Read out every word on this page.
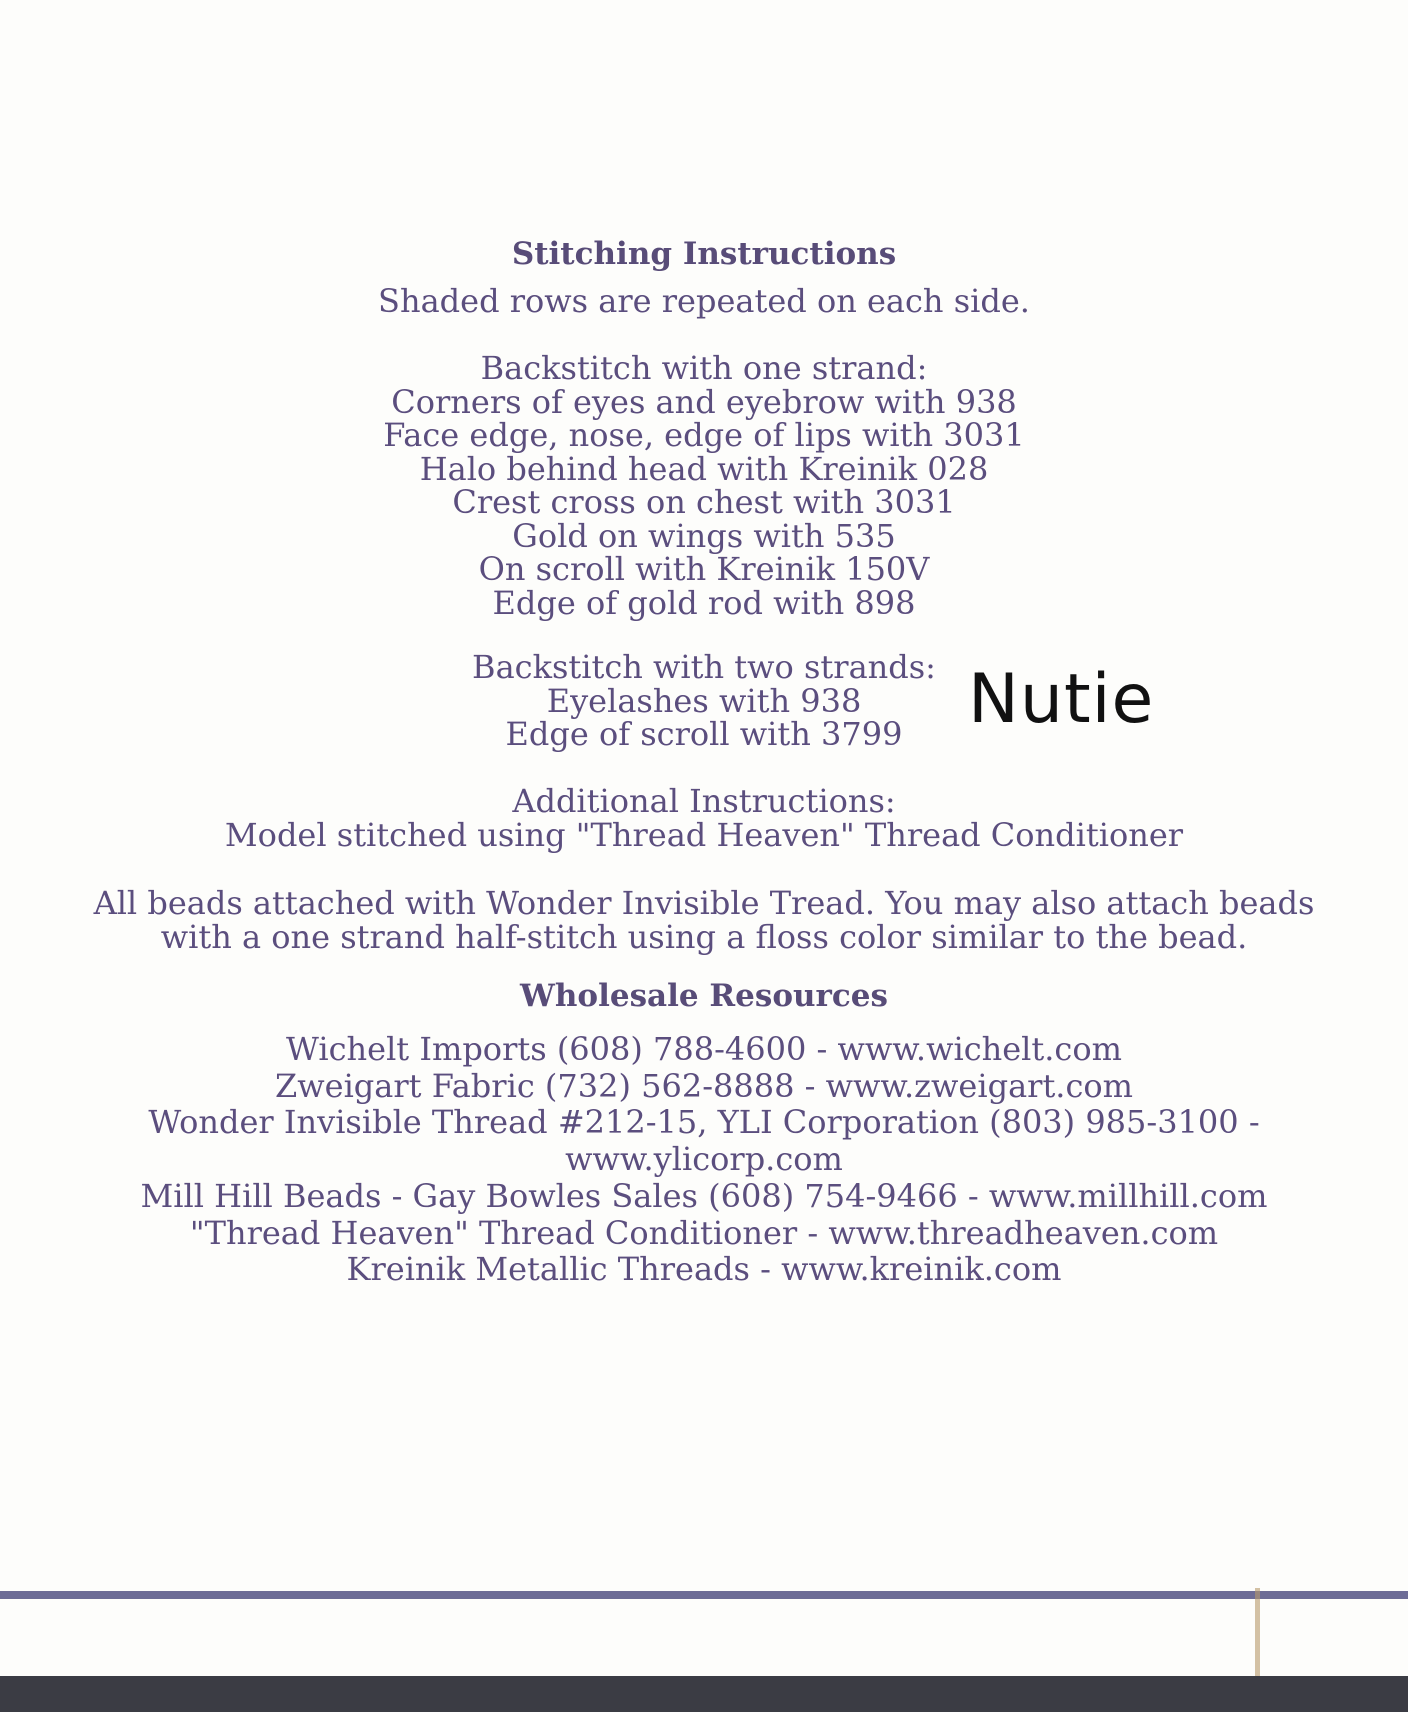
Stitching Instructions
Shaded rows are repeated on each side.
Backstitch with one strand:
Corners of eyes and eyebrow with 938
Face edge, nose, edge of lips with 3031
Halo behind head with Kreinik 028
Crest cross on chest with 3031
Gold on wings with 535
On scroll with Kreinik 150V
Edge of gold rod with 898
Backstitch with two strands:
Eyelashes with 938
Edge of scroll with 3799 Nutie
Additional Instructions:
Model stitched using "Thread Heaven" Thread Conditioner
All beads attached with Wonder Invisible Tread. You may also attach beads
with a one strand half-stitch using a floss color similar to the bead.
Wholesale Resources
Wichelt Imports (608) 788-4600 - www.wichelt.com
Zweigart Fabric (732) 562-8888 - www.zweigart.com
Wonder Invisible Thread #212-15, YLI Corporation (803) 985-3100 -
www.ylicorp.com
Mill Hill Beads - Gay Bowles Sales (608) 754-9466 - www.millhill.com
"Thread Heaven" Thread Conditioner - www.threadheaven.com
Kreinik Metallic Threads - www.kreinik.com
